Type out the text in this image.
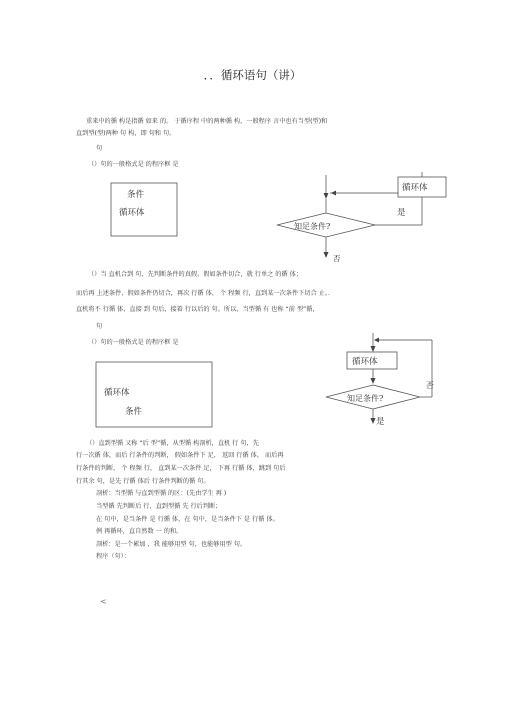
．．循环语句（讲）
重来中的循 构是指循 如来 的。 于循序程 中的两种循 构，一般程序 言中也有当型(型)和
直到型(型)两种 句 构，即 句和 句。
句
（）句的一般格式是 的程序框 是
条件
循环体
循环体
知足条件?
是
否
（）当 直机合到 句，先判断条件的真假，假如条件切合，就 行单之 的循 体；
而后再 上述条件，假如条件仍切合，再次 行循 体， 个 程频 行，直到某一次条件下切合 止。．
直机将不 行循 体，直接 到 句后，接着 行以后的 句。所以，当型循 有 也称 “前 型”循，
句
（）句的一般格式是 的程序框 是
循环体
条件
循环体
知足条件?
否
是
（）直到型循 又称 “后 型”循，从型循 构剖析，直机 行 句，先
行一次循 体，而后 行条件的判断， 假如条件下 足， 返回 行循 体， 而后再
行条件的判断， 个 程频 行， 直到某一次条件 足， 下再 行循 体，跳到 句后
行其余 句，是先 行循 体后 行条件判断的循 句。
剖析：当型循 与直到型循 的区：(先由学生 再 )
当型循 先判断后 行，直到型循 先 行后判断；
在 句中，是当条件 是 行循 体，在 句中，是当条件下 是 行循 体。
例 再循环，直自然数 一 的和。
剖析：是一个累加 ，我 能够用型 句，也能够用型 句。
程序（句）：
<
